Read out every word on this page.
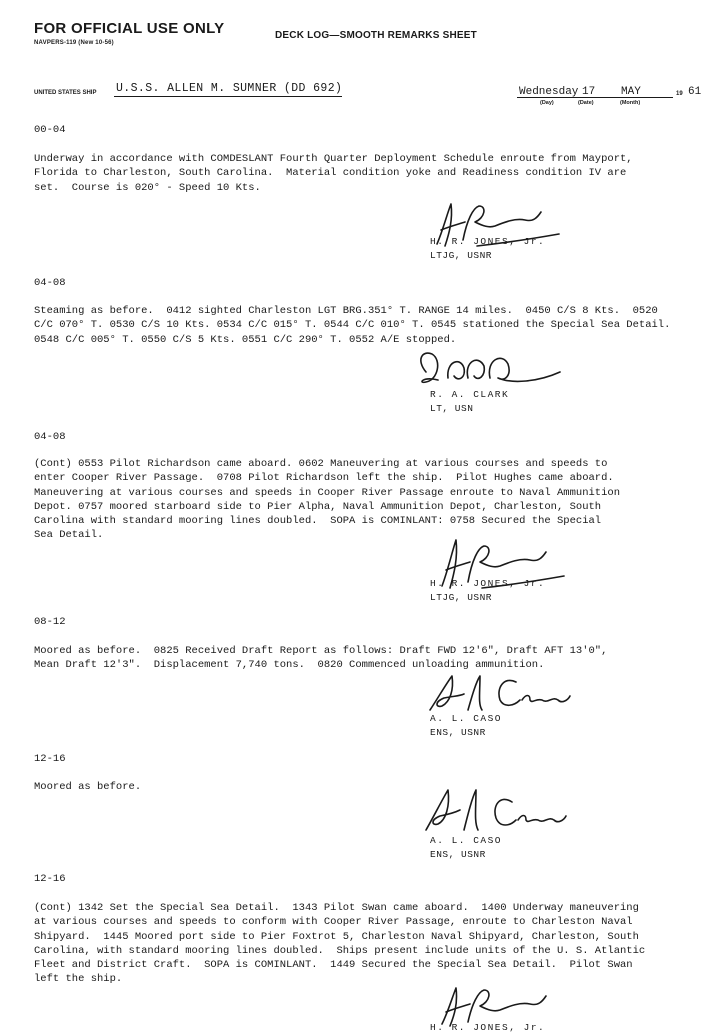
FOR OFFICIAL USE ONLY
NAVPERS-119 (New 10-56)
DECK LOG—SMOOTH REMARKS SHEET
UNITED STATES SHIP U.S.S. ALLEN M. SUMNER (DD 692)	Wednesday 17 MAY	19 61
(Day)	(Date)	(Month)
00-04
Underway in accordance with COMDESLANT Fourth Quarter Deployment Schedule enroute from Mayport,
Florida to Charleston, South Carolina.  Material condition yoke and Readiness condition IV are
set.  Course is 020° - Speed 10 Kts.
H. R. JONES, Jr.
LTJG, USNR
04-08
Steaming as before.  0412 sighted Charleston LGT BRG.351° T. RANGE 14 miles.  0450 C/S 8 Kts.  0520
C/C 070° T. 0530 C/S 10 Kts. 0534 C/C 015° T. 0544 C/C 010° T. 0545 stationed the Special Sea Detail.
0548 C/C 005° T. 0550 C/S 5 Kts. 0551 C/C 290° T. 0552 A/E stopped.
R. A. CLARK
LT, USN
04-08
(Cont) 0553 Pilot Richardson came aboard. 0602 Maneuvering at various courses and speeds to
enter Cooper River Passage.  0708 Pilot Richardson left the ship.  Pilot Hughes came aboard.
Maneuvering at various courses and speeds in Cooper River Passage enroute to Naval Ammunition
Depot. 0757 moored starboard side to Pier Alpha, Naval Ammunition Depot, Charleston, South
Carolina with standard mooring lines doubled.  SOPA is COMINLANT: 0758 Secured the Special
Sea Detail.
H. R. JONES, Jr.
LTJG, USNR
08-12
Moored as before.  0825 Received Draft Report as follows: Draft FWD 12'6", Draft AFT 13'0",
Mean Draft 12'3".  Displacement 7,740 tons.  0820 Commenced unloading ammunition.
A. L. CASO
ENS, USNR
12-16
Moored as before.
A. L. CASO
ENS, USNR
12-16
(Cont) 1342 Set the Special Sea Detail.  1343 Pilot Swan came aboard.  1400 Underway maneuvering
at various courses and speeds to conform with Cooper River Passage, enroute to Charleston Naval
Shipyard.  1445 Moored port side to Pier Foxtrot 5, Charleston Naval Shipyard, Charleston, South
Carolina, with standard mooring lines doubled.  Ships present include units of the U. S. Atlantic
Fleet and District Craft.  SOPA is COMINLANT.  1449 Secured the Special Sea Detail.  Pilot Swan
left the ship.
H. R. JONES, Jr.
